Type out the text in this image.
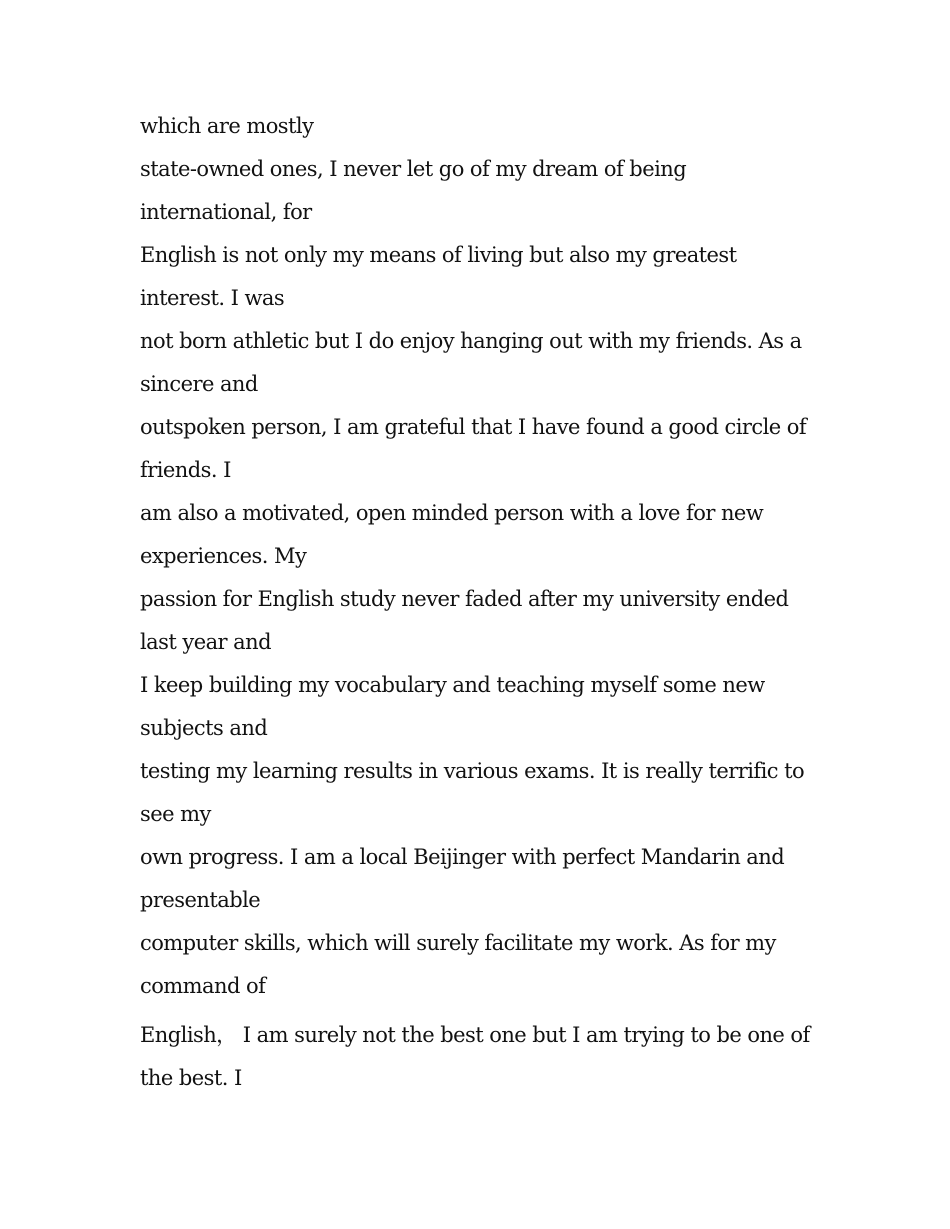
which are mostly
state-owned ones, I never let go of my dream of being
international, for
English is not only my means of living but also my greatest
interest. I was
not born athletic but I do enjoy hanging out with my friends. As a
sincere and
outspoken person, I am grateful that I have found a good circle of
friends. I
am also a motivated, open minded person with a love for new
experiences. My
passion for English study never faded after my university ended
last year and
I keep building my vocabulary and teaching myself some new
subjects and
testing my learning results in various exams. It is really terrific to
see my
own progress. I am a local Beijinger with perfect Mandarin and
presentable
computer skills, which will surely facilitate my work. As for my
command of
English， I am surely not the best one but I am trying to be one of
the best. I
